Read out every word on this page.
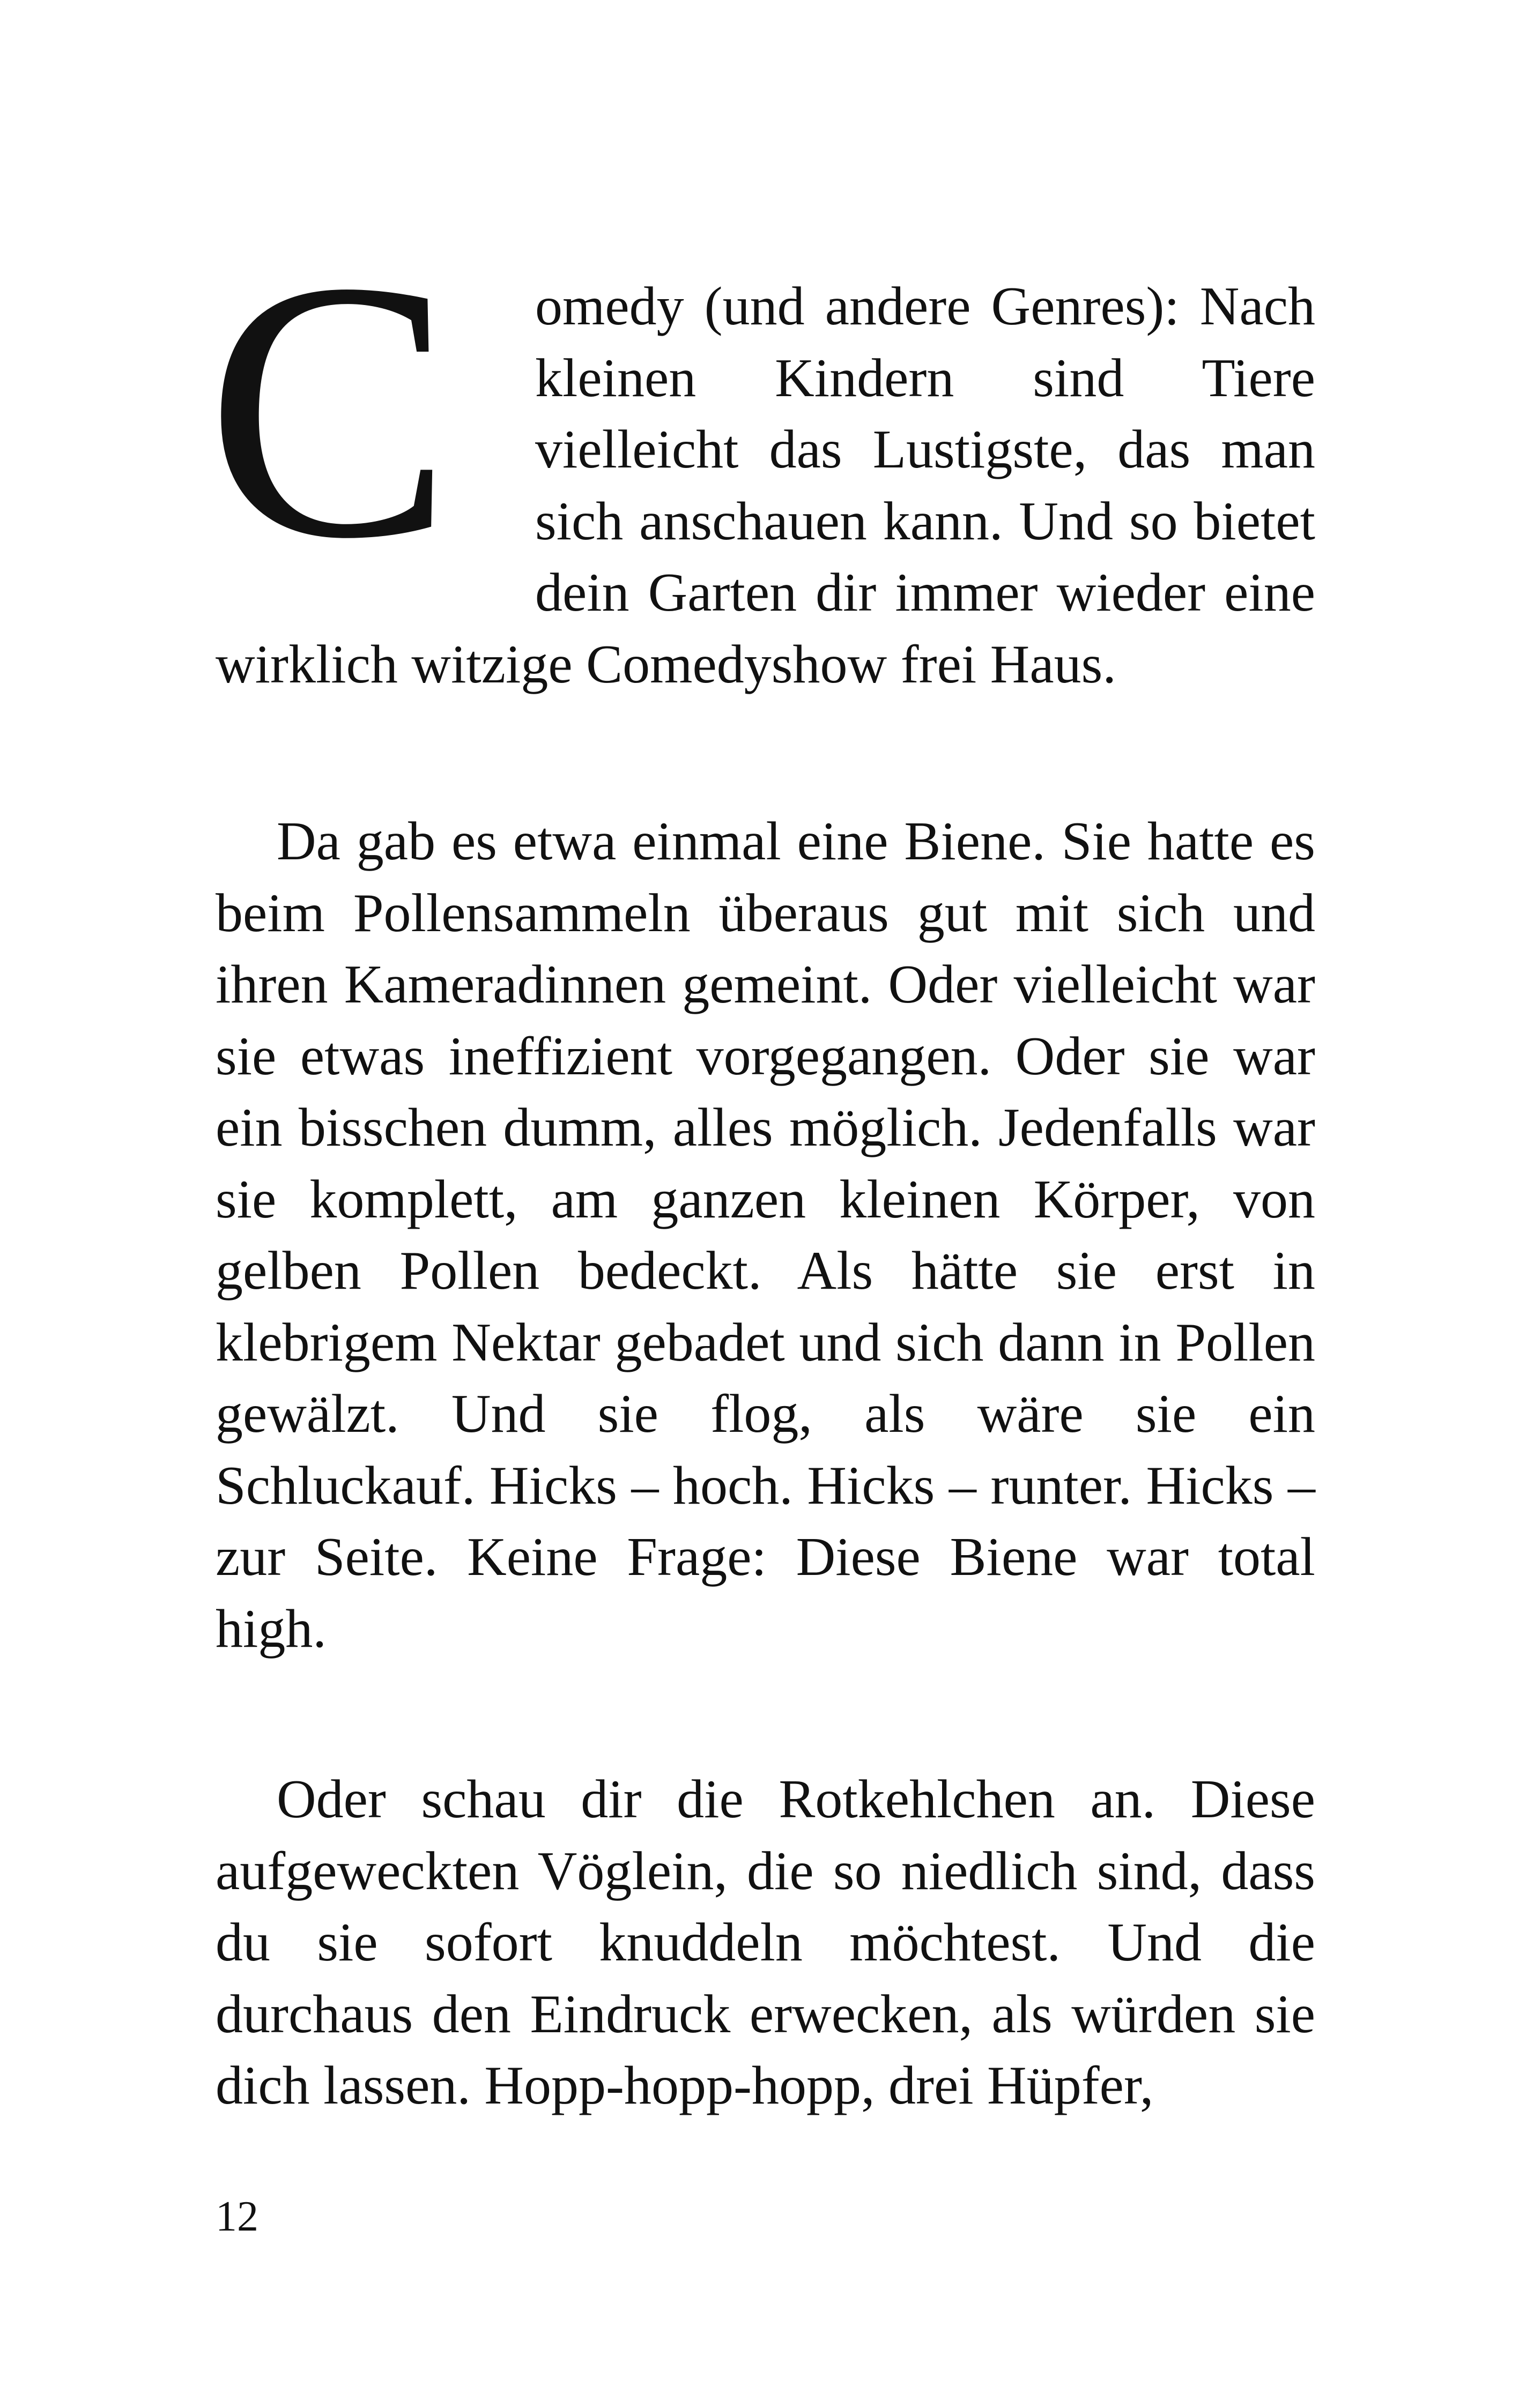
C	omedy (und andere Genres): Nach kleinen Kindern sind Tiere vielleicht das Lustigste, das man sich anschauen kann. Und so bietet dein Garten dir immer wieder eine wirklich witzige Comedyshow frei Haus.
Da gab es etwa einmal eine Biene. Sie hatte es beim Pollensammeln überaus gut mit sich und ihren Kameradinnen gemeint. Oder vielleicht war sie etwas ineffizient vorgegangen. Oder sie war ein bisschen dumm, alles möglich. Jedenfalls war sie komplett, am ganzen kleinen Körper, von gelben Pollen bedeckt. Als hätte sie erst in klebrigem Nektar gebadet und sich dann in Pollen gewälzt. Und sie flog, als wäre sie ein Schluckauf. Hicks – hoch. Hicks – runter. Hicks – zur Seite. Keine Frage: Diese Biene war total high.
Oder schau dir die Rotkehlchen an. Diese aufgeweckten Vöglein, die so niedlich sind, dass du sie sofort knuddeln möchtest. Und die durchaus den Eindruck erwecken, als würden sie dich lassen. Hopp-hopp-hopp, drei Hüpfer,
12
